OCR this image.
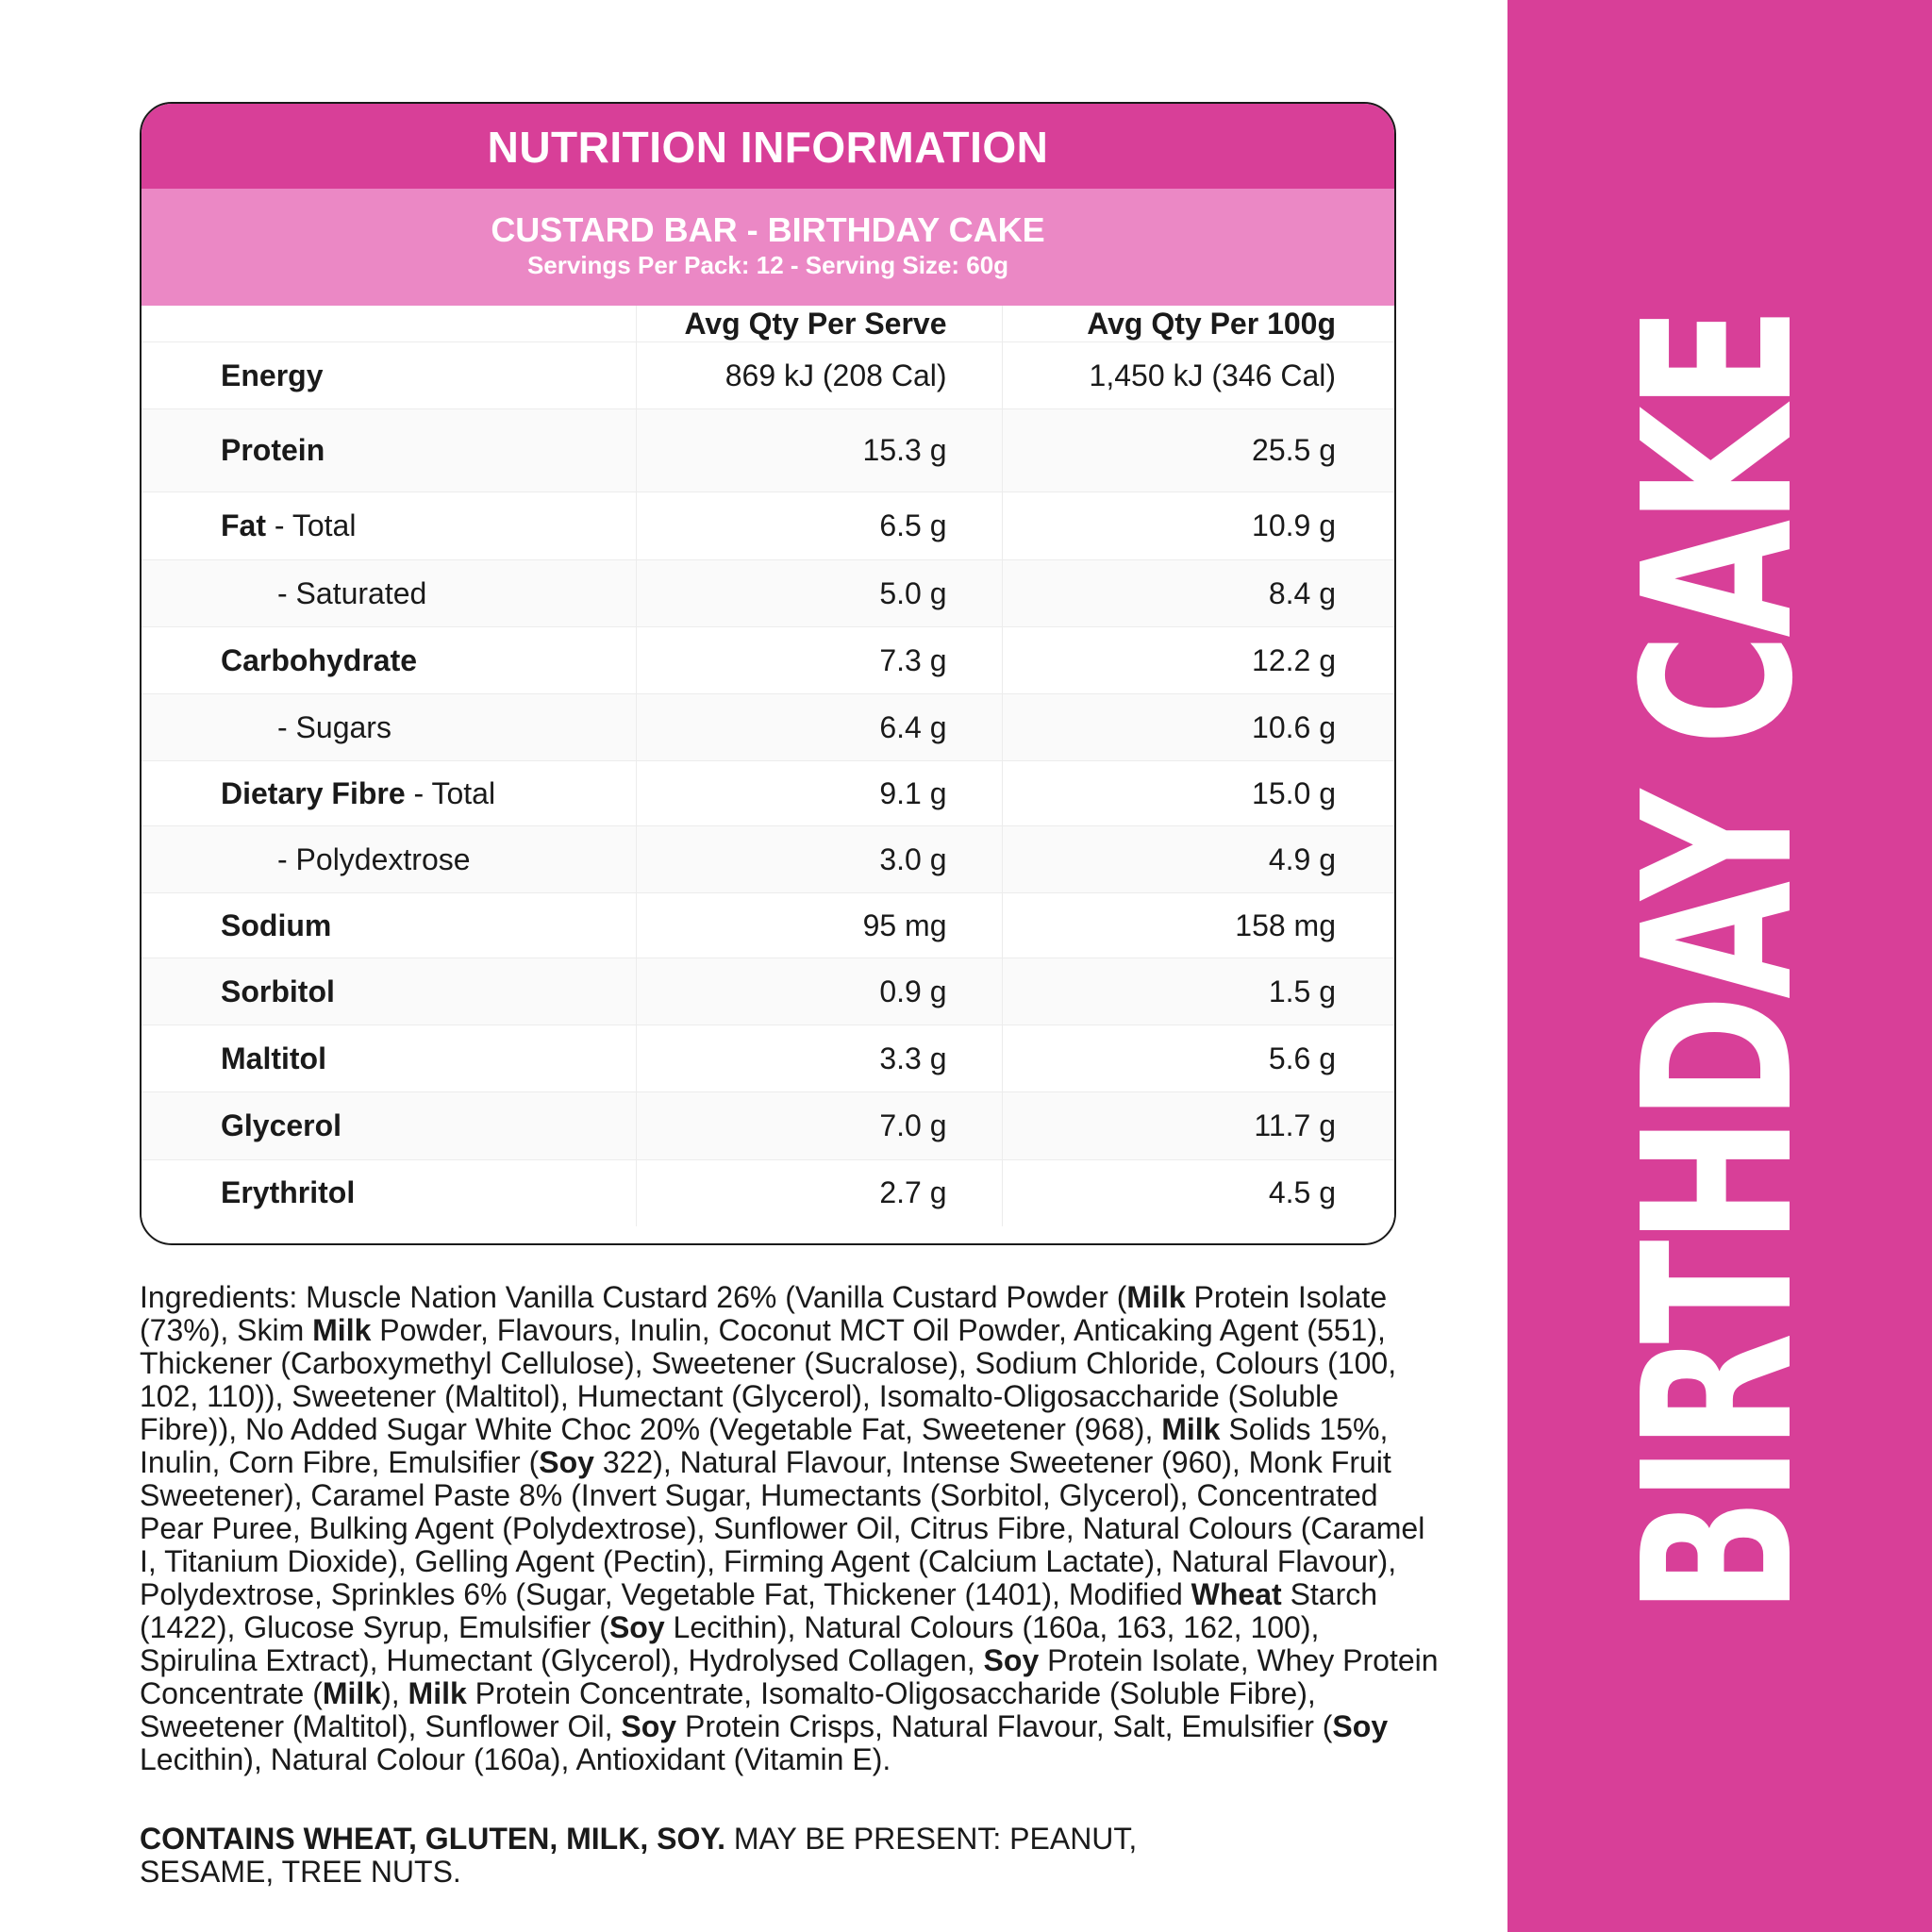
BIRTHDAY CAKE
NUTRITION INFORMATION
CUSTARD BAR - BIRTHDAY CAKE
Servings Per Pack: 12 - Serving Size: 60g
	Avg Qty Per Serve	Avg Qty Per 100g
Energy	869 kJ (208 Cal)	1,450 kJ (346 Cal)
Protein	15.3 g	25.5 g
Fat - Total	6.5 g	10.9 g
- Saturated	5.0 g	8.4 g
Carbohydrate	7.3 g	12.2 g
- Sugars	6.4 g	10.6 g
Dietary Fibre - Total	9.1 g	15.0 g
- Polydextrose	3.0 g	4.9 g
Sodium	95 mg	158 mg
Sorbitol	0.9 g	1.5 g
Maltitol	3.3 g	5.6 g
Glycerol	7.0 g	11.7 g
Erythritol	2.7 g	4.5 g
Ingredients: Muscle Nation Vanilla Custard 26% (Vanilla Custard Powder (Milk Protein Isolate (73%), Skim Milk Powder, Flavours, Inulin, Coconut MCT Oil Powder, Anticaking Agent (551), Thickener (Carboxymethyl Cellulose), Sweetener (Sucralose), Sodium Chloride, Colours (100, 102, 110)), Sweetener (Maltitol), Humectant (Glycerol), Isomalto-Oligosaccharide (Soluble Fibre)), No Added Sugar White Choc 20% (Vegetable Fat, Sweetener (968), Milk Solids 15%, Inulin, Corn Fibre, Emulsifier (Soy 322), Natural Flavour, Intense Sweetener (960), Monk Fruit Sweetener), Caramel Paste 8% (Invert Sugar, Humectants (Sorbitol, Glycerol), Concentrated Pear Puree, Bulking Agent (Polydextrose), Sunflower Oil, Citrus Fibre, Natural Colours (Caramel I, Titanium Dioxide), Gelling Agent (Pectin), Firming Agent (Calcium Lactate), Natural Flavour), Polydextrose, Sprinkles 6% (Sugar, Vegetable Fat, Thickener (1401), Modified Wheat Starch (1422), Glucose Syrup, Emulsifier (Soy Lecithin), Natural Colours (160a, 163, 162, 100), Spirulina Extract), Humectant (Glycerol), Hydrolysed Collagen, Soy Protein Isolate, Whey Protein Concentrate (Milk), Milk Protein Concentrate, Isomalto-Oligosaccharide (Soluble Fibre), Sweetener (Maltitol), Sunflower Oil, Soy Protein Crisps, Natural Flavour, Salt, Emulsifier (Soy Lecithin), Natural Colour (160a), Antioxidant (Vitamin E).
CONTAINS WHEAT, GLUTEN, MILK, SOY. MAY BE PRESENT: PEANUT, SESAME, TREE NUTS.
